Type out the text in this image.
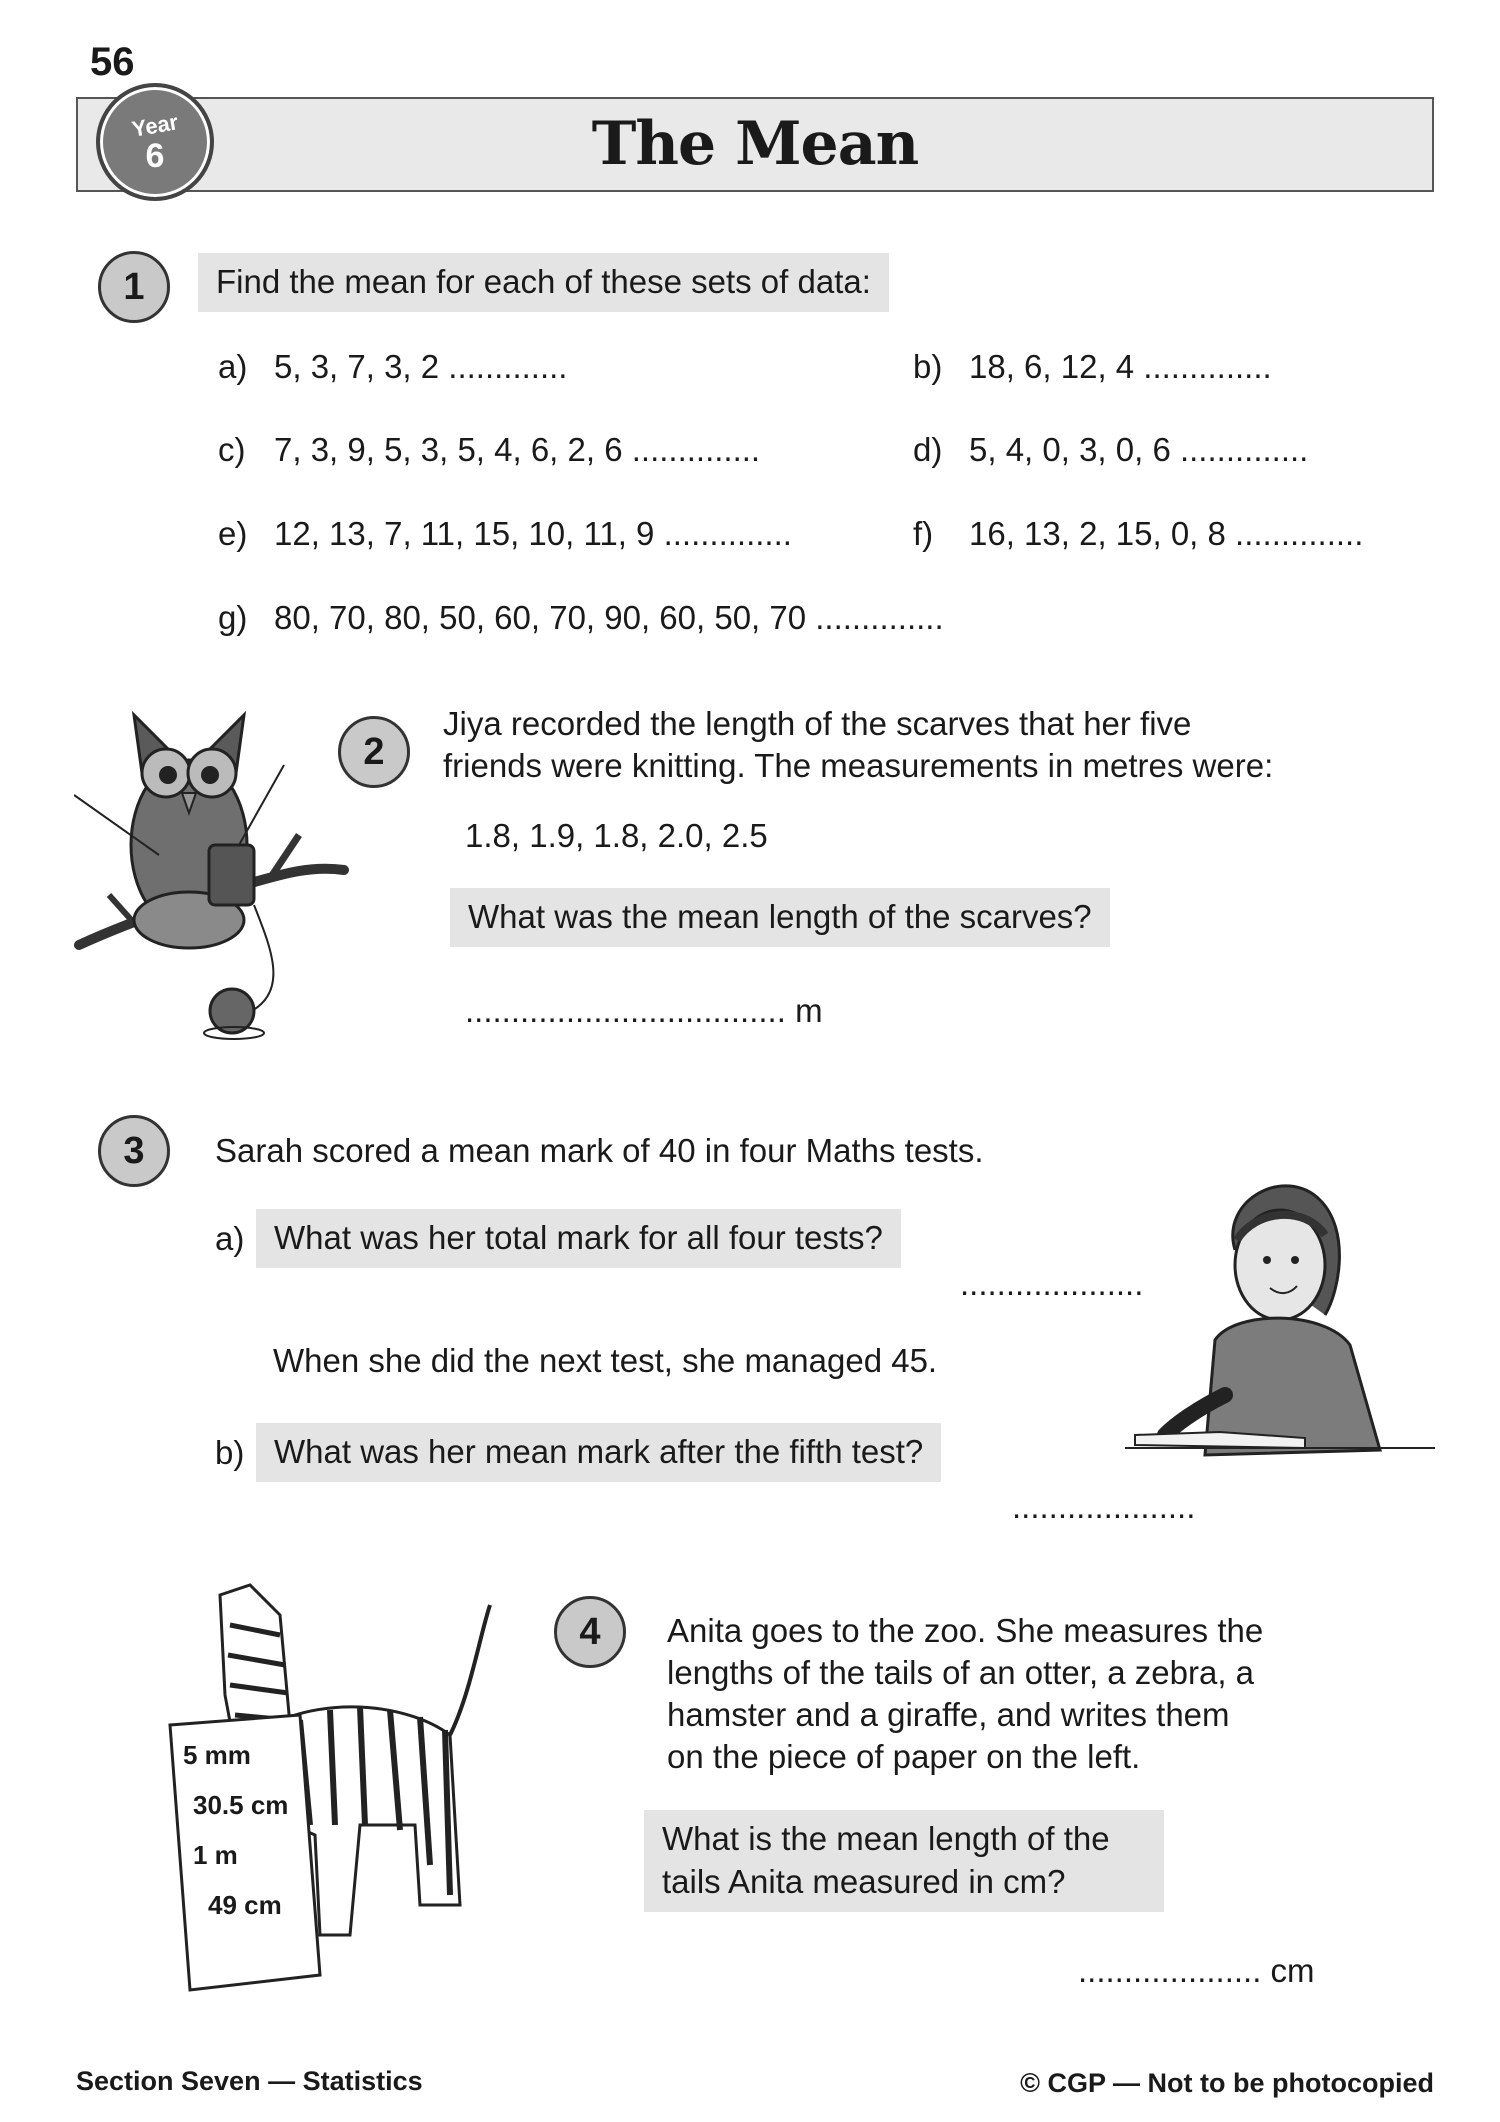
56
The Mean
Year
6
1	Find the mean for each of these sets of data:
a) 5, 3, 7, 3, 2 .............	b) 18, 6, 12, 4 ..............
c) 7, 3, 9, 5, 3, 5, 4, 6, 2, 6 ..............	d) 5, 4, 0, 3, 0, 6 ..............
e) 12, 13, 7, 11, 15, 10, 11, 9 ..............	f) 16, 13, 2, 15, 0, 8 ..............
g) 80, 70, 80, 50, 60, 70, 90, 60, 50, 70 ..............
2
Jiya recorded the length of the scarves that her five
friends were knitting. The measurements in metres were:
1.8, 1.9, 1.8, 2.0, 2.5
What was the mean length of the scarves?
................................... m
3	Sarah scored a mean mark of 40 in four Maths tests.
a) What was her total mark for all four tests?
....................
When she did the next test, she managed 45.
b) What was her mean mark after the fifth test?
....................
5 mm
30.5 cm
1 m
49 cm
4	Anita goes to the zoo. She measures the
lengths of the tails of an otter, a zebra, a
hamster and a giraffe, and writes them
on the piece of paper on the left.
What is the mean length of the
tails Anita measured in cm?
.................... cm
Section Seven — Statistics	© CGP — Not to be photocopied
